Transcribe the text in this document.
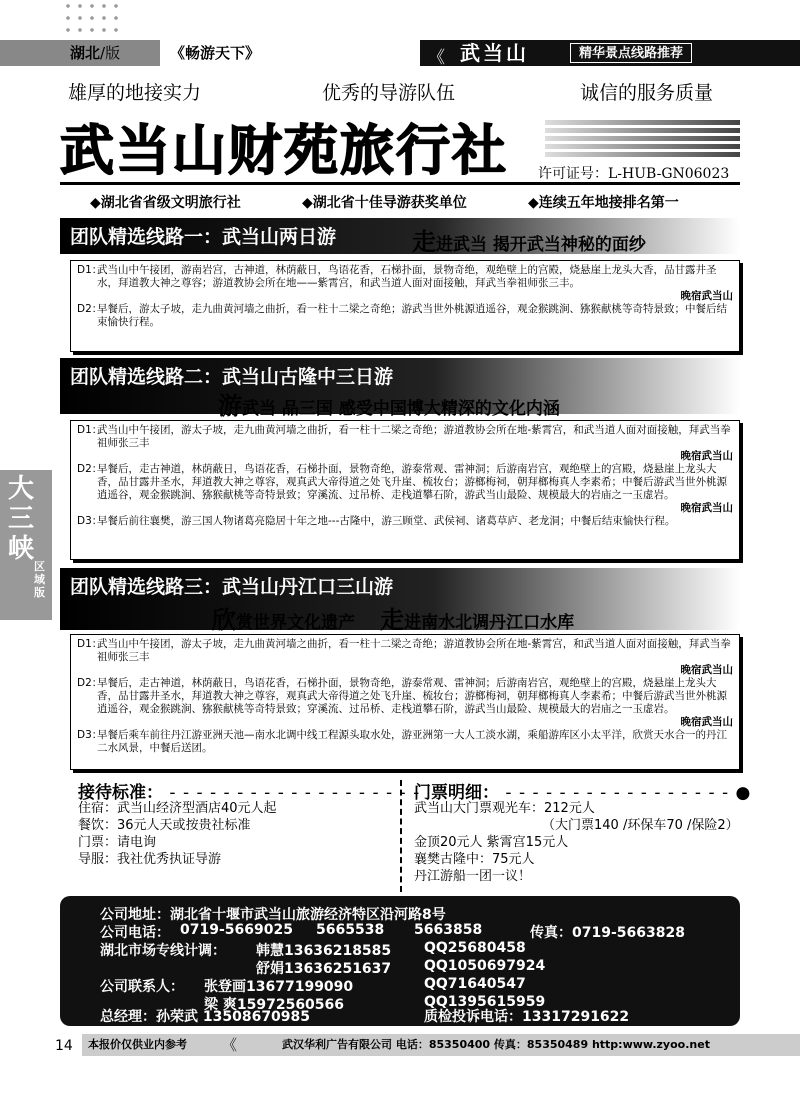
湖北/版	《畅游天下》	《 武当山	精华景点线路推荐
雄厚的地接实力	优秀的导游队伍	诚信的服务质量
武当山财苑旅行社 许可证号：L-HUB-GN06023
◆湖北省省级文明旅行社	◆湖北省十佳导游获奖单位	◆连续五年地接排名第一
团队精选线路一：武当山两日游	走进武当 揭开武当神秘的面纱
D1：
武当山中午接团，游南岩宫，古神道，林荫蔽日，鸟语花香，石梯扑面，景物奇绝，观绝壁上的宫殿，烧悬崖上龙头大香，品甘露井圣水，拜道教大神之尊容；游道教协会所在地——紫霄宫，和武当道人面对面接触，拜武当拳祖师张三丰。
晚宿武当山
D2：
早餐后，游太子坡，走九曲黄河墙之曲折，看一柱十二梁之奇绝；游武当世外桃源逍遥谷，观金猴跳涧、猕猴献桃等奇特景致；中餐后结束愉快行程。
团队精选线路二：武当山古隆中三日游
游武当 品三国 感受中国博大精深的文化内涵
D1：
武当山中午接团，游太子坡，走九曲黄河墙之曲折，看一柱十二梁之奇绝；游道教协会所在地-紫霄宫，和武当道人面对面接触，拜武当拳祖师张三丰
晚宿武当山
D2：
早餐后，走古神道，林荫蔽日，鸟语花香，石梯扑面，景物奇绝，游泰常观、雷神洞；后游南岩宫，观绝壁上的宫殿，烧悬崖上龙头大香，品甘露井圣水，拜道教大神之尊容，观真武大帝得道之处飞升崖、梳妆台；游榔梅祠，朝拜榔梅真人李素希；中餐后游武当世外桃源逍遥谷，观金猴跳涧、猕猴献桃等奇特景致；穿溪流、过吊桥、走栈道攀石阶，游武当山最险、规模最大的岩庙之一玉虚岩。
晚宿武当山
D3：
早餐后前往襄樊，游三国人物诸葛亮隐居十年之地---古隆中，游三顾堂、武侯祠、诸葛草庐、老龙洞；中餐后结束愉快行程。
大三峡
区域版 团队精选线路三：武当山丹江口三山游
欣赏世界文化遗产 走进南水北调丹江口水库
D1：
武当山中午接团，游太子坡，走九曲黄河墙之曲折，看一柱十二梁之奇绝；游道教协会所在地-紫霄宫，和武当道人面对面接触，拜武当拳祖师张三丰
晚宿武当山
D2：
早餐后，走古神道，林荫蔽日，鸟语花香，石梯扑面，景物奇绝，游泰常观、雷神洞；后游南岩宫，观绝壁上的宫殿，烧悬崖上龙头大香，品甘露井圣水，拜道教大神之尊容，观真武大帝得道之处飞升崖、梳妆台；游榔梅祠，朝拜榔梅真人李素希；中餐后游武当世外桃源逍遥谷，观金猴跳涧、猕猴献桃等奇特景致；穿溪流、过吊桥、走栈道攀石阶，游武当山最险、规模最大的岩庙之一玉虚岩。
晚宿武当山
D3：
早餐后乘车前往丹江游亚洲天池—南水北调中线工程源头取水处，游亚洲第一大人工淡水湖，乘船游库区小太平洋，欣赏天水合一的丹江二水风景，中餐后送团。
接待标准： - - - - - - - - - - - - - - - - - - -
住宿：武当山经济型酒店40元人起
餐饮：36元人天或按贵社标准
门票：请电询
导服：我社优秀执证导游
门票明细： - - - - - - - - - - - - - - - - - ●
武当山大门票观光车：212元人
（大门票140 /环保车70 /保险2）
金顶20元人 紫霄宫15元人
襄樊古隆中：75元人
丹江游船一团一议！
公司地址：湖北省十堰市武当山旅游经济特区沿河路8号
公司电话： 0719-5669025 5665538 5663858	传真：0719-5663828
湖北市场专线计调： 韩慧13636218585 QQ25680458
舒娟13636251637 QQ1050697924
公司联系人： 张登画13677199090	QQ71640547
梁 爽15972560566	QQ1395615959
总经理：孙荣武 13508670985	质检投诉电话：13317291622
14 本报价仅供业内参考 《	武汉华利广告有限公司 电话：85350400 传真：85350489 http:www.zyoo.net
